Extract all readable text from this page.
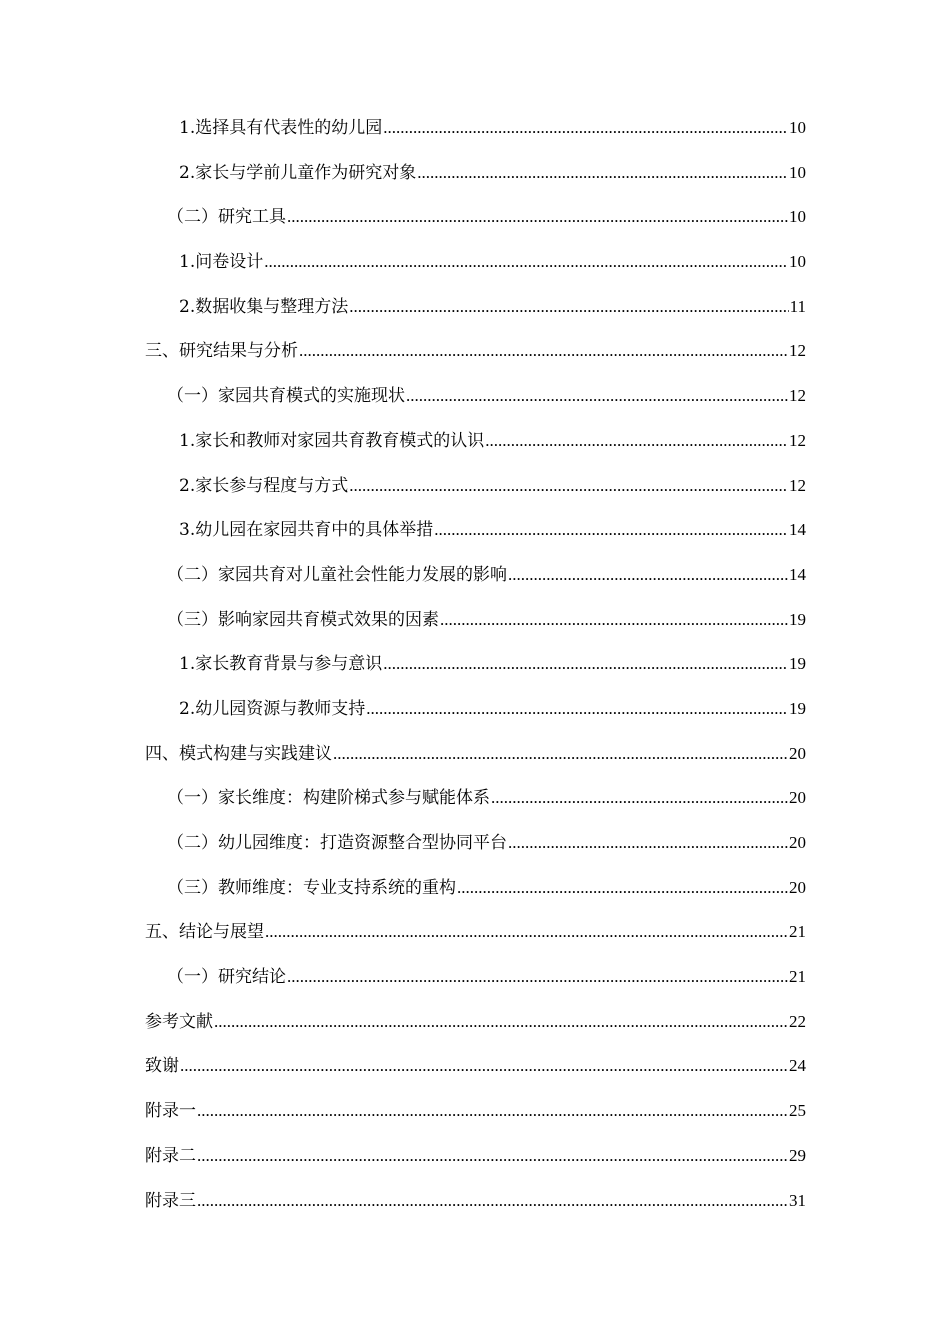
1.选择具有代表性的幼儿园 .....	10
2.家长与学前儿童作为研究对象 .....	10
（二）研究工具 .....	10
1.问卷设计 .....	10
2.数据收集与整理方法 .....	11
三、研究结果与分析 .....	12
（一）家园共育模式的实施现状 .....	12
1.家长和教师对家园共育教育模式的认识 .....	12
2.家长参与程度与方式 .....	12
3.幼儿园在家园共育中的具体举措 .....	14
（二）家园共育对儿童社会性能力发展的影响 .....	14
（三）影响家园共育模式效果的因素 .....	19
1.家长教育背景与参与意识 .....	19
2.幼儿园资源与教师支持 .....	19
四、模式构建与实践建议 .....	20
（一）家长维度：构建阶梯式参与赋能体系 .....	20
（二）幼儿园维度：打造资源整合型协同平台 .....	20
（三）教师维度：专业支持系统的重构 .....	20
五、结论与展望 .....	21
（一）研究结论 .....	21
参考文献 .....	22
致谢 .....	24
附录一 .....	25
附录二 .....	29
附录三 .....	31
